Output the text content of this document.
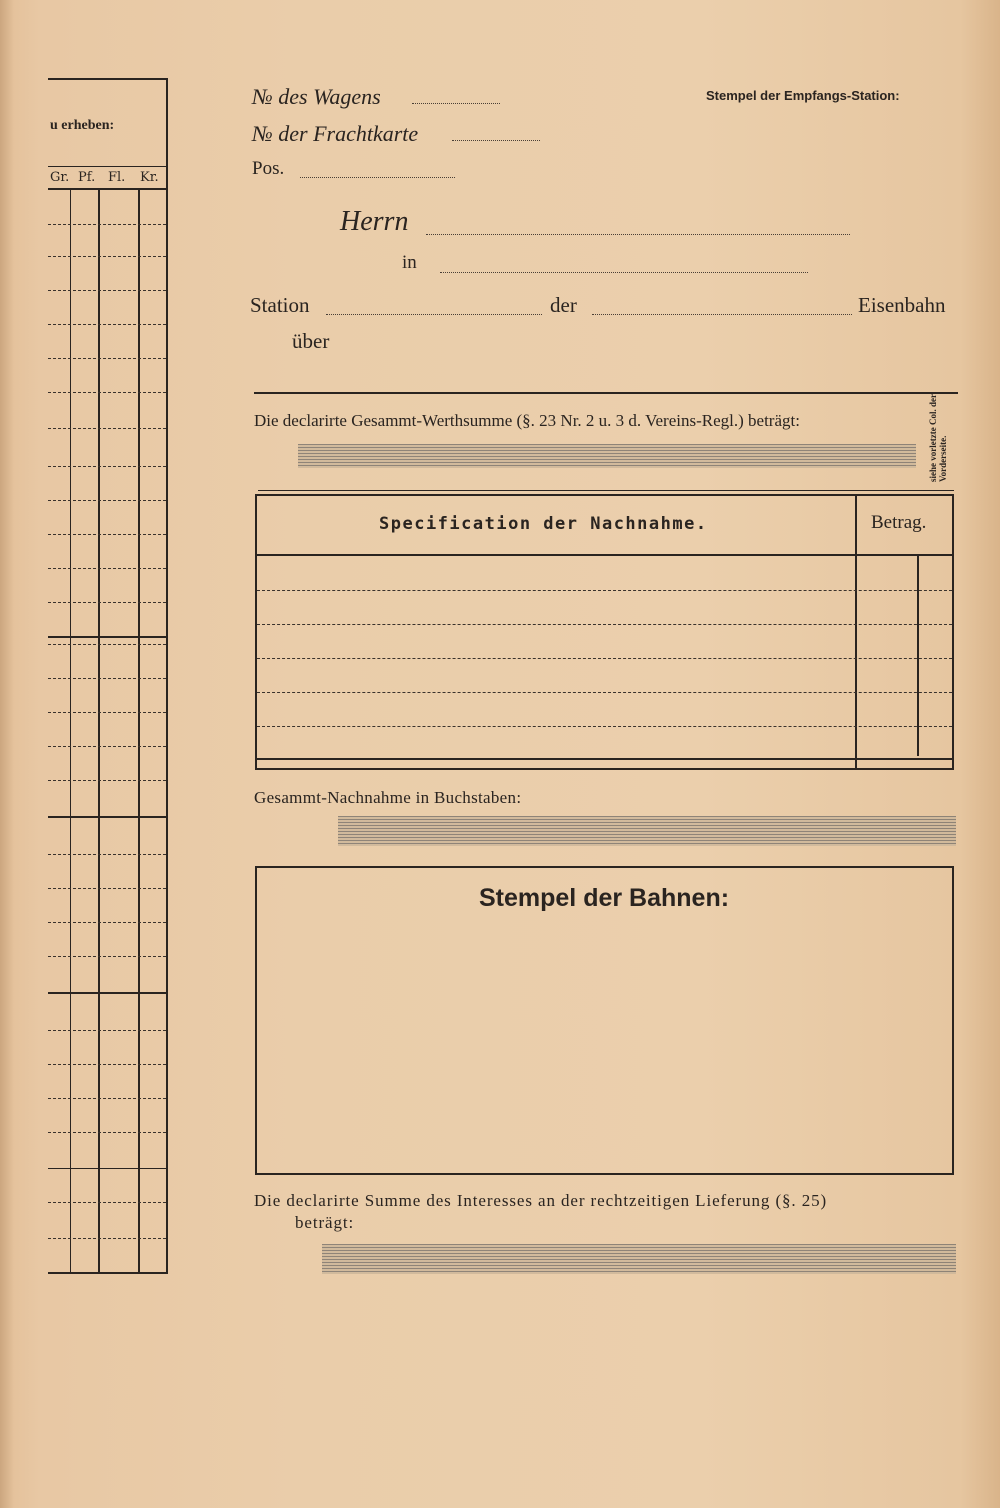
u erheben:
Gr. Pf. Fl. Kr.
№ des Wagens
№ der Frachtkarte
Pos.
Stempel der Empfangs-Station:
Herrn
in
Station	der	Eisenbahn
über
Die declarirte Gesammt-Werthsumme (§. 23 Nr. 2 u. 3 d. Vereins-Regl.) beträgt:	siehe vorletzte Col. der Vorderseite.
Specification der Nachnahme.	Betrag.
Gesammt-Nachnahme in Buchstaben:
Stempel der Bahnen:
Die declarirte Summe des Interesses an der rechtzeitigen Lieferung (§. 25)
beträgt:
